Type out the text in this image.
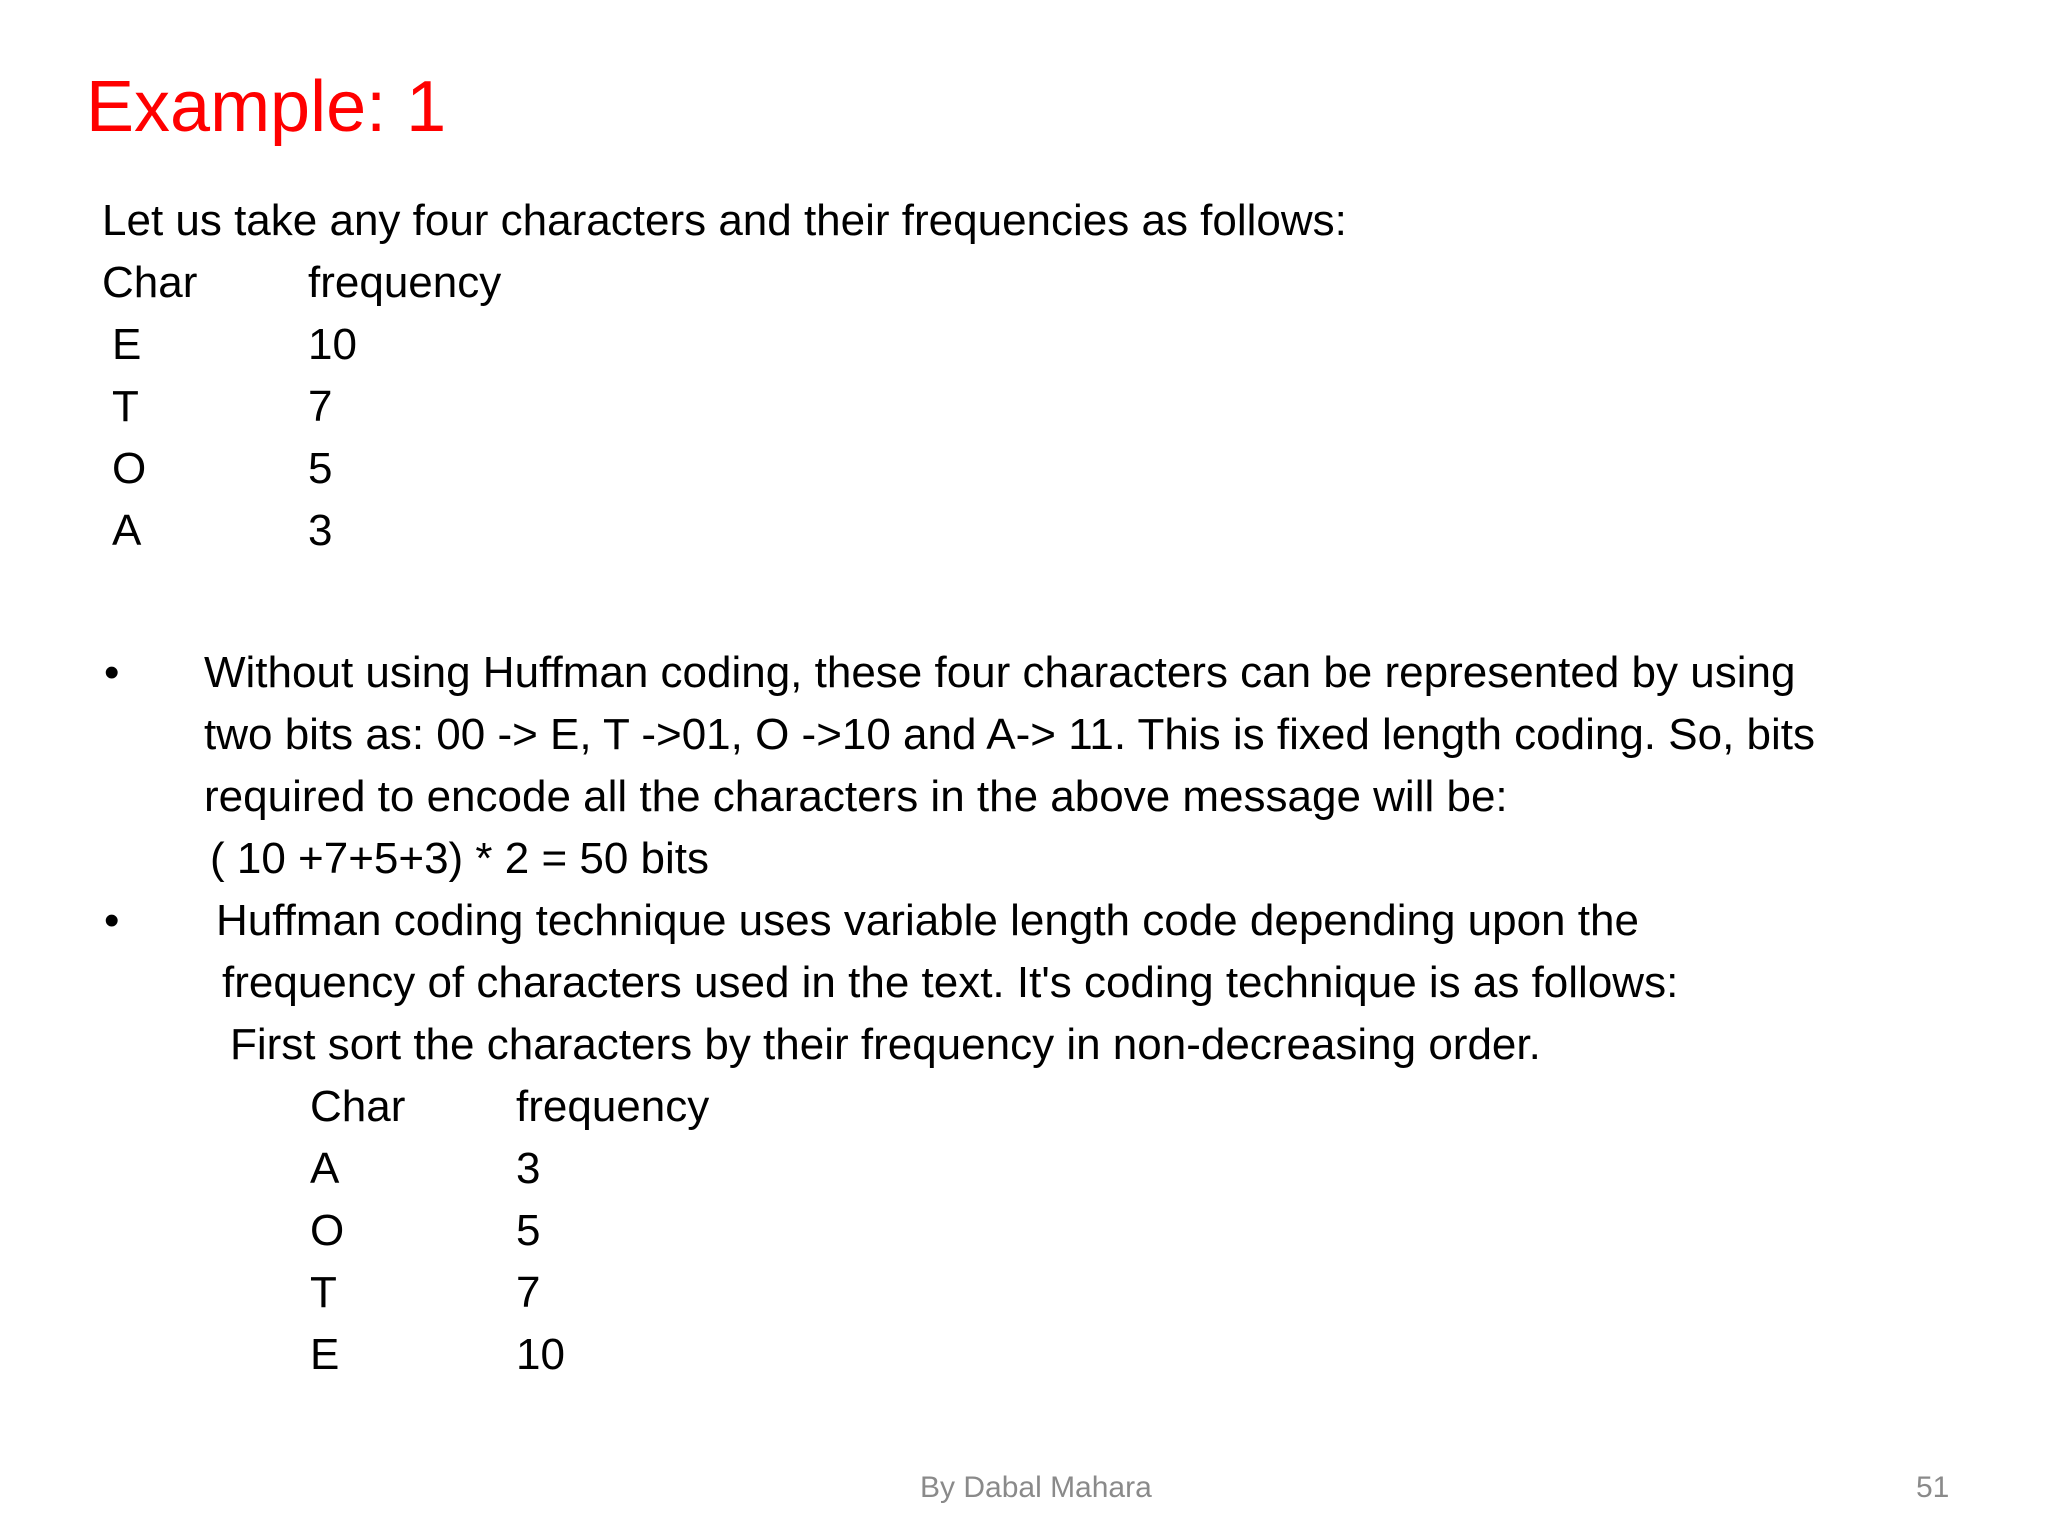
Example: 1
Let us take any four characters and their frequencies as follows:
Char	frequency
E	10
T	7
O	5
A	3
• Without using Huffman coding, these four characters can be represented by using
two bits as: 00 -> E, T ->01, O ->10 and A-> 11. This is fixed length coding. So, bits
required to encode all the characters in the above message will be:
( 10 +7+5+3) * 2 = 50 bits
• Huffman coding technique uses variable length code depending upon the
frequency of characters used in the text. It's coding technique is as follows:
First sort the characters by their frequency in non-decreasing order.
Char	frequency
A	3
O	5
T	7
E	10
By Dabal Mahara	51
